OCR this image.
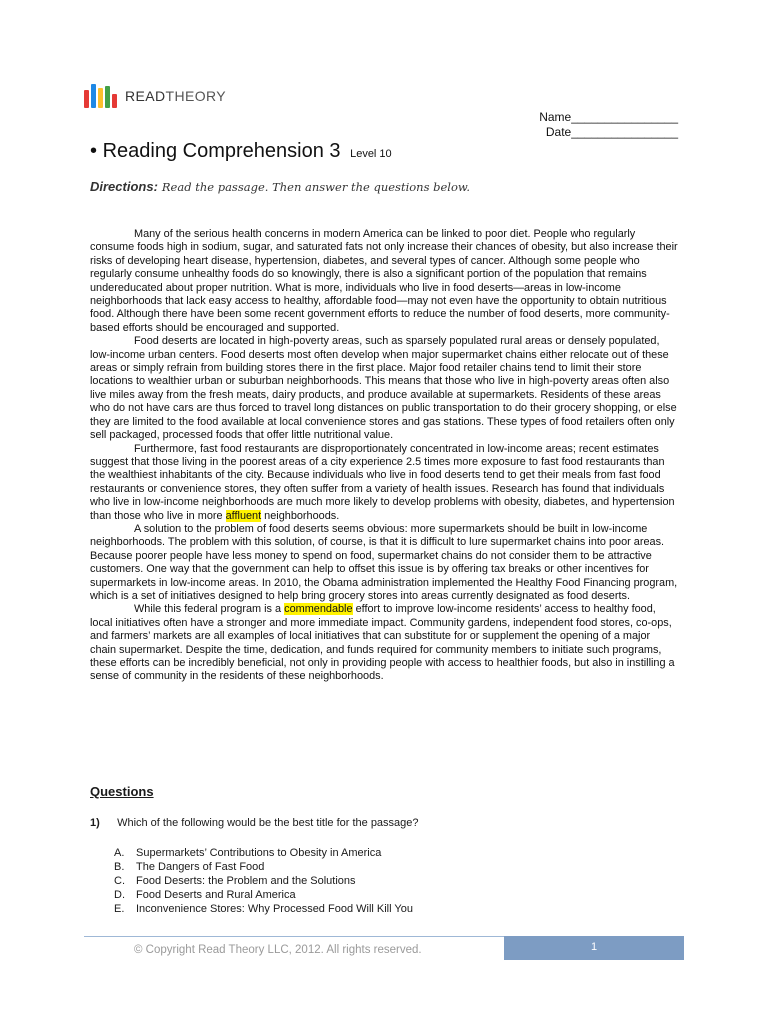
READTHEORY
Name________________
Date________________
• Reading Comprehension 3 Level 10
Directions: Read the passage. Then answer the questions below.

Many of the serious health concerns in modern America can be linked to poor diet. People who regularly consume foods high in sodium, sugar, and saturated fats not only increase their chances of obesity, but also increase their risks of developing heart disease, hypertension, diabetes, and several types of cancer. Although some people who regularly consume unhealthy foods do so knowingly, there is also a significant portion of the population that remains undereducated about proper nutrition. What is more, individuals who live in food deserts—areas in low-income neighborhoods that lack easy access to healthy, affordable food—may not even have the opportunity to obtain nutritious food. Although there have been some recent government efforts to reduce the number of food deserts, more community-based efforts should be encouraged and supported.

Food deserts are located in high-poverty areas, such as sparsely populated rural areas or densely populated, low-income urban centers. Food deserts most often develop when major supermarket chains either relocate out of these areas or simply refrain from building stores there in the first place. Major food retailer chains tend to limit their store locations to wealthier urban or suburban neighborhoods. This means that those who live in high-poverty areas often also live miles away from the fresh meats, dairy products, and produce available at supermarkets. Residents of these areas who do not have cars are thus forced to travel long distances on public transportation to do their grocery shopping, or else they are limited to the food available at local convenience stores and gas stations. These types of food retailers often only sell packaged, processed foods that offer little nutritional value.

Furthermore, fast food restaurants are disproportionately concentrated in low-income areas; recent estimates suggest that those living in the poorest areas of a city experience 2.5 times more exposure to fast food restaurants than the wealthiest inhabitants of the city. Because individuals who live in food deserts tend to get their meals from fast food restaurants or convenience stores, they often suffer from a variety of health issues. Research has found that individuals who live in low-income neighborhoods are much more likely to develop problems with obesity, diabetes, and hypertension than those who live in more affluent neighborhoods.

A solution to the problem of food deserts seems obvious: more supermarkets should be built in low-income neighborhoods. The problem with this solution, of course, is that it is difficult to lure supermarket chains into poor areas. Because poorer people have less money to spend on food, supermarket chains do not consider them to be attractive customers. One way that the government can help to offset this issue is by offering tax breaks or other incentives for supermarkets in low-income areas. In 2010, the Obama administration implemented the Healthy Food Financing program, which is a set of initiatives designed to help bring grocery stores into areas currently designated as food deserts.

While this federal program is a commendable effort to improve low-income residents’ access to healthy food, local initiatives often have a stronger and more immediate impact. Community gardens, independent food stores, co-ops, and farmers’ markets are all examples of local initiatives that can substitute for or supplement the opening of a major chain supermarket. Despite the time, dedication, and funds required for community members to initiate such programs, these efforts can be incredibly beneficial, not only in providing people with access to healthier foods, but also in instilling a sense of community in the residents of these neighborhoods.

Questions
1) Which of the following would be the best title for the passage?
A.	Supermarkets’ Contributions to Obesity in America
B.	The Dangers of Fast Food
C.	Food Deserts: the Problem and the Solutions
D.	Food Deserts and Rural America
E.	Inconvenience Stores: Why Processed Food Will Kill You
© Copyright Read Theory LLC, 2012. All rights reserved.	1
